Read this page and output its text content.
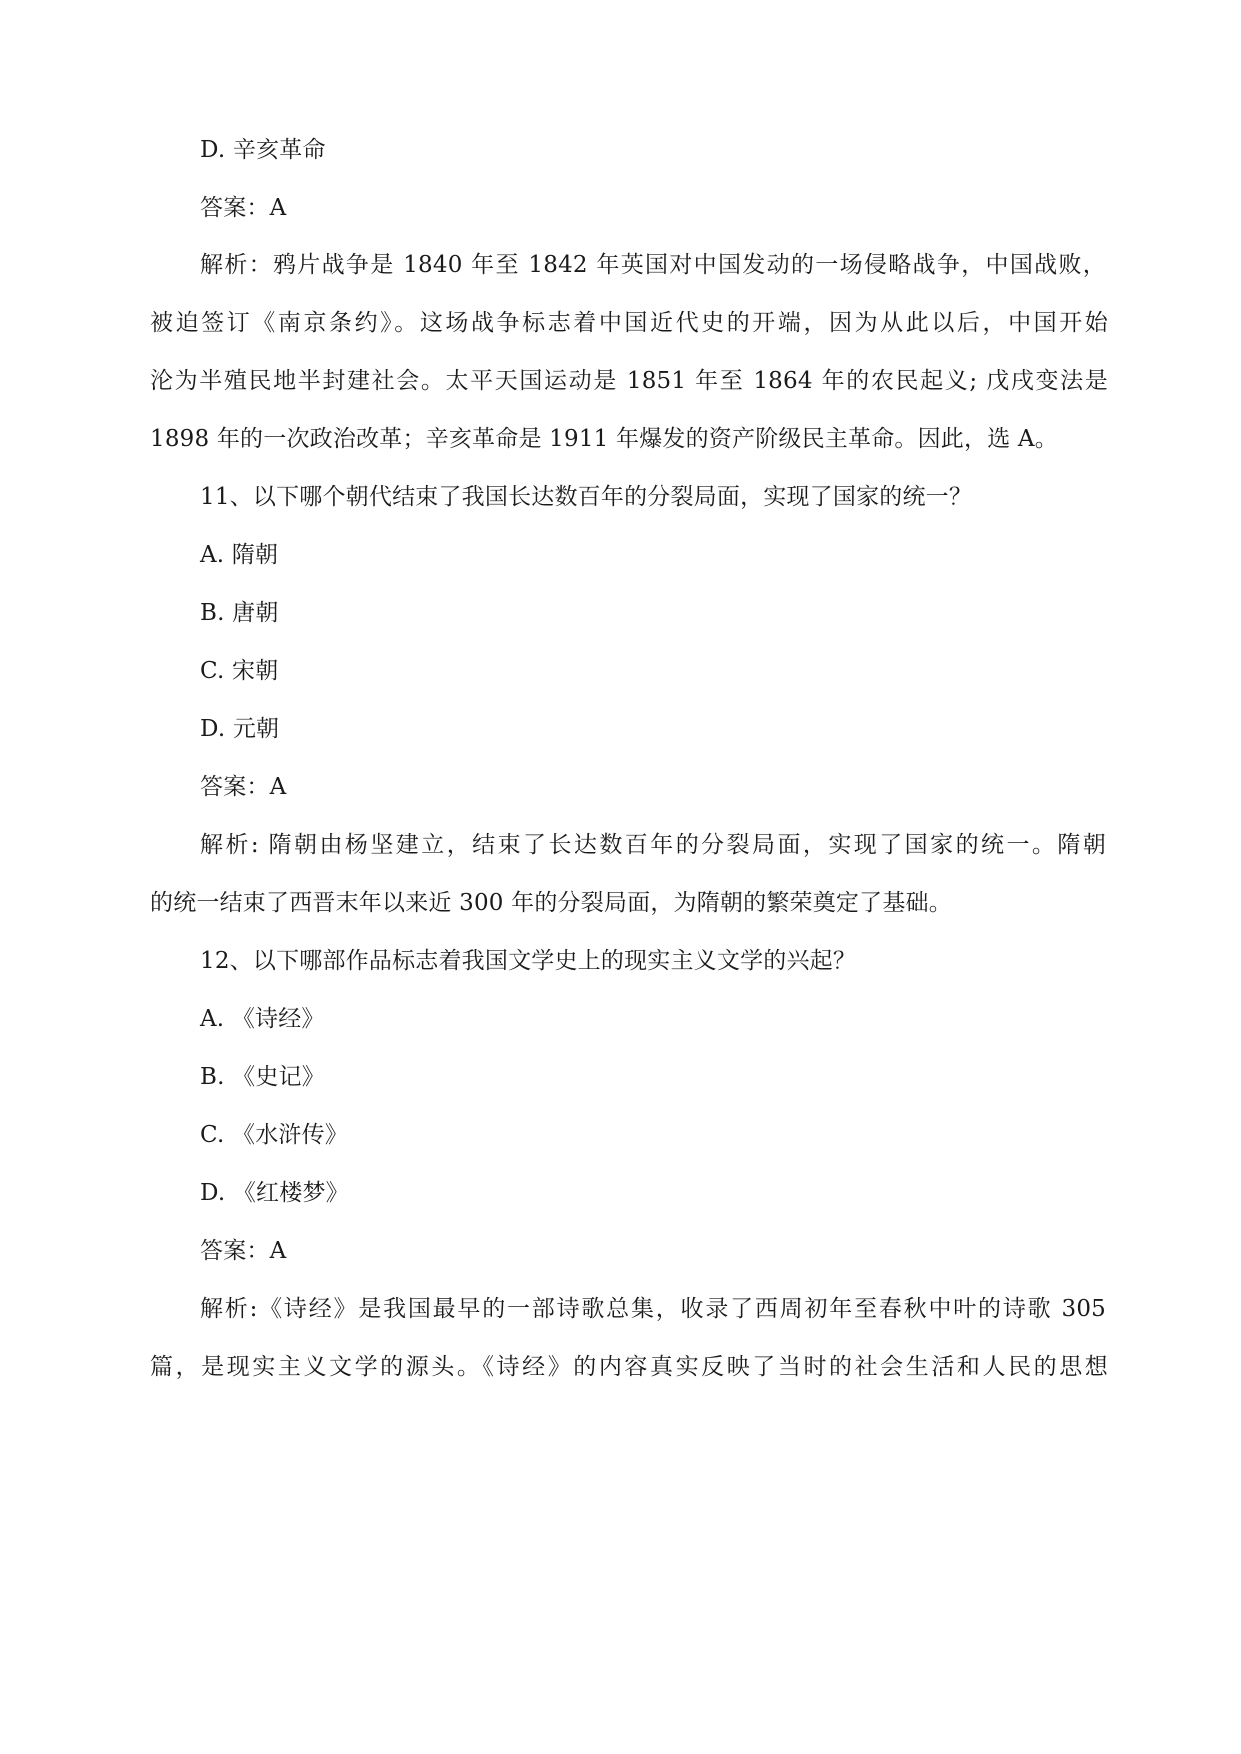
D. 辛亥革命
答案：A
解析：鸦片战争是 1840 年至 1842 年英国对中国发动的一场侵略战争，中国战败，
被迫签订《南京条约》。这场战争标志着中国近代史的开端，因为从此以后，中国开始
沦为半殖民地半封建社会。太平天国运动是 1851 年至 1864 年的农民起义; 戊戌变法是
1898 年的一次政治改革；辛亥革命是 1911 年爆发的资产阶级民主革命。因此，选 A。
11、以下哪个朝代结束了我国长达数百年的分裂局面，实现了国家的统一？
A. 隋朝
B. 唐朝
C. 宋朝
D. 元朝
答案：A
解析: 隋朝由杨坚建立，结束了长达数百年的分裂局面，实现了国家的统一。隋朝
的统一结束了西晋末年以来近 300 年的分裂局面，为隋朝的繁荣奠定了基础。
12、以下哪部作品标志着我国文学史上的现实主义文学的兴起？
A. 《诗经》
B. 《史记》
C. 《水浒传》
D. 《红楼梦》
答案：A
解析:《诗经》是我国最早的一部诗歌总集，收录了西周初年至春秋中叶的诗歌 305
篇，是现实主义文学的源头。《诗经》的内容真实反映了当时的社会生活和人民的思想
